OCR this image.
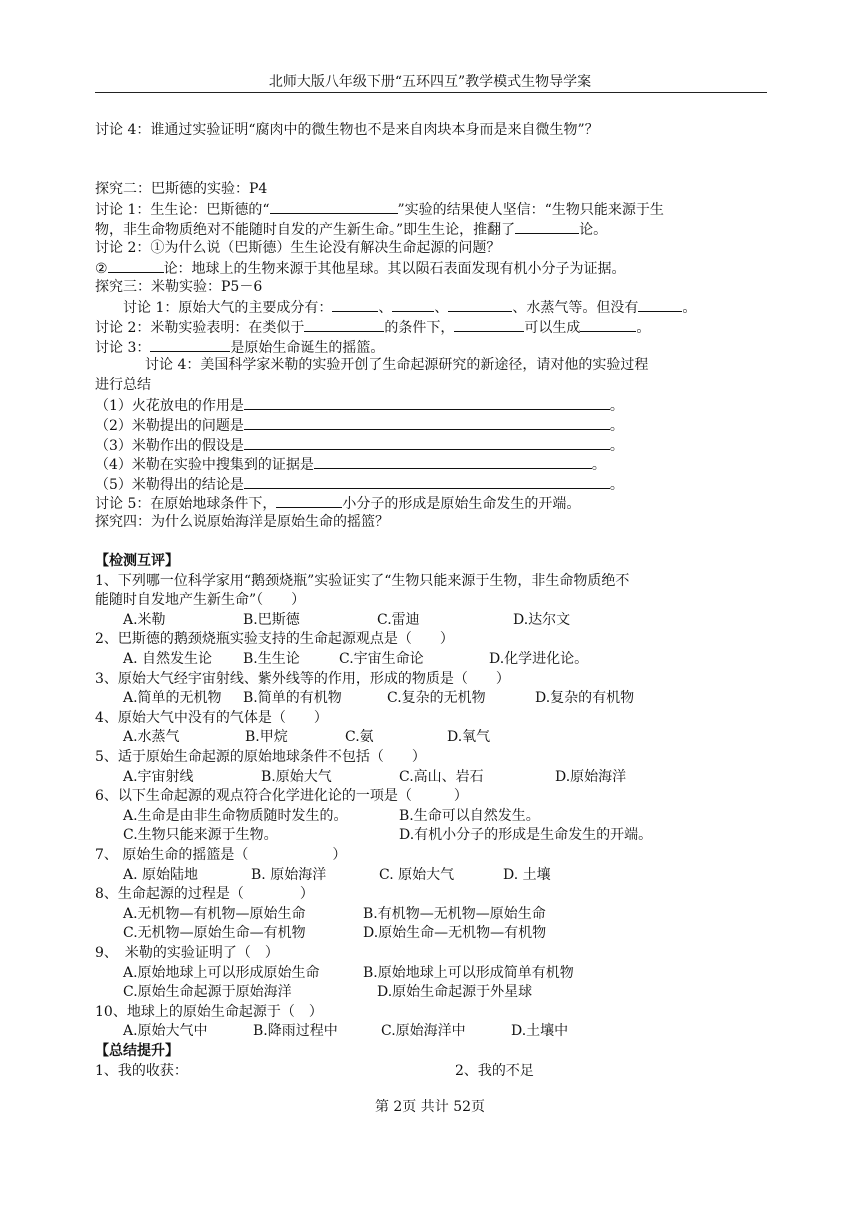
北师大版八年级下册“五环四互”教学模式生物导学案
讨论 4：谁通过实验证明“腐肉中的微生物也不是来自肉块本身而是来自微生物”？
探究二：巴斯德的实验：P4
讨论 1：生生论：巴斯德的“	”实验的结果使人坚信：“生物只能来源于生
物，非生命物质绝对不能随时自发的产生新生命。”即生生论，推翻了	论。
讨论 2：①为什么说（巴斯德）生生论没有解决生命起源的问题？
②	论：地球上的生物来源于其他星球。其以陨石表面发现有机小分子为证据。
探究三：米勒实验：P5－6
讨论 1：原始大气的主要成分有：	、	、	、水蒸气等。但没有	。
讨论 2：米勒实验表明：在类似于	的条件下，	可以生成	。
讨论 3：	是原始生命诞生的摇篮。
讨论 4：美国科学家米勒的实验开创了生命起源研究的新途径，请对他的实验过程
进行总结
（1）火花放电的作用是	。
（2）米勒提出的问题是	。
（3）米勒作出的假设是	。
（4）米勒在实验中搜集到的证据是	。
（5）米勒得出的结论是	。
讨论 5：在原始地球条件下，	小分子的形成是原始生命发生的开端。
探究四：为什么说原始海洋是原始生命的摇篮？
【检测互评】
1、下列哪一位科学家用“鹅颈烧瓶”实验证实了“生物只能来源于生物，非生命物质绝不
能随时自发地产生新生命”（　　）
A.米勒	B.巴斯德	C.雷迪	D.达尔文
2、巴斯德的鹅颈烧瓶实验支持的生命起源观点是（　　）
A. 自然发生论 B.生生论	C.宇宙生命论	D.化学进化论。
3、原始大气经宇宙射线、紫外线等的作用，形成的物质是（　　）
A.简单的无机物 B.简单的有机物	C.复杂的无机物	D.复杂的有机物
4、原始大气中没有的气体是（　　）
A.水蒸气	B.甲烷	C.氨	D.氧气
5、适于原始生命起源的原始地球条件不包括（　　）
A.宇宙射线	B.原始大气	C.高山、岩石	D.原始海洋
6、以下生命起源的观点符合化学进化论的一项是（　　　）
A.生命是由非生命物质随时发生的。	B.生命可以自然发生。
C.生物只能来源于生物。	D.有机小分子的形成是生命发生的开端。
7、 原始生命的摇篮是（　　　　　　）
A. 原始陆地	B. 原始海洋	C. 原始大气	D. 土壤
8、生命起源的过程是（　　　　）
A.无机物—有机物—原始生命	B.有机物—无机物—原始生命
C.无机物—原始生命—有机物	D.原始生命—无机物—有机物
9、　米勒的实验证明了（　）
A.原始地球上可以形成原始生命	B.原始地球上可以形成简单有机物
C.原始生命起源于原始海洋	D.原始生命起源于外星球
10、地球上的原始生命起源于（　）
A.原始大气中	B.降雨过程中	C.原始海洋中	D.土壤中
【总结提升】
1、我的收获：	2、我的不足
第 2页 共计 52页
